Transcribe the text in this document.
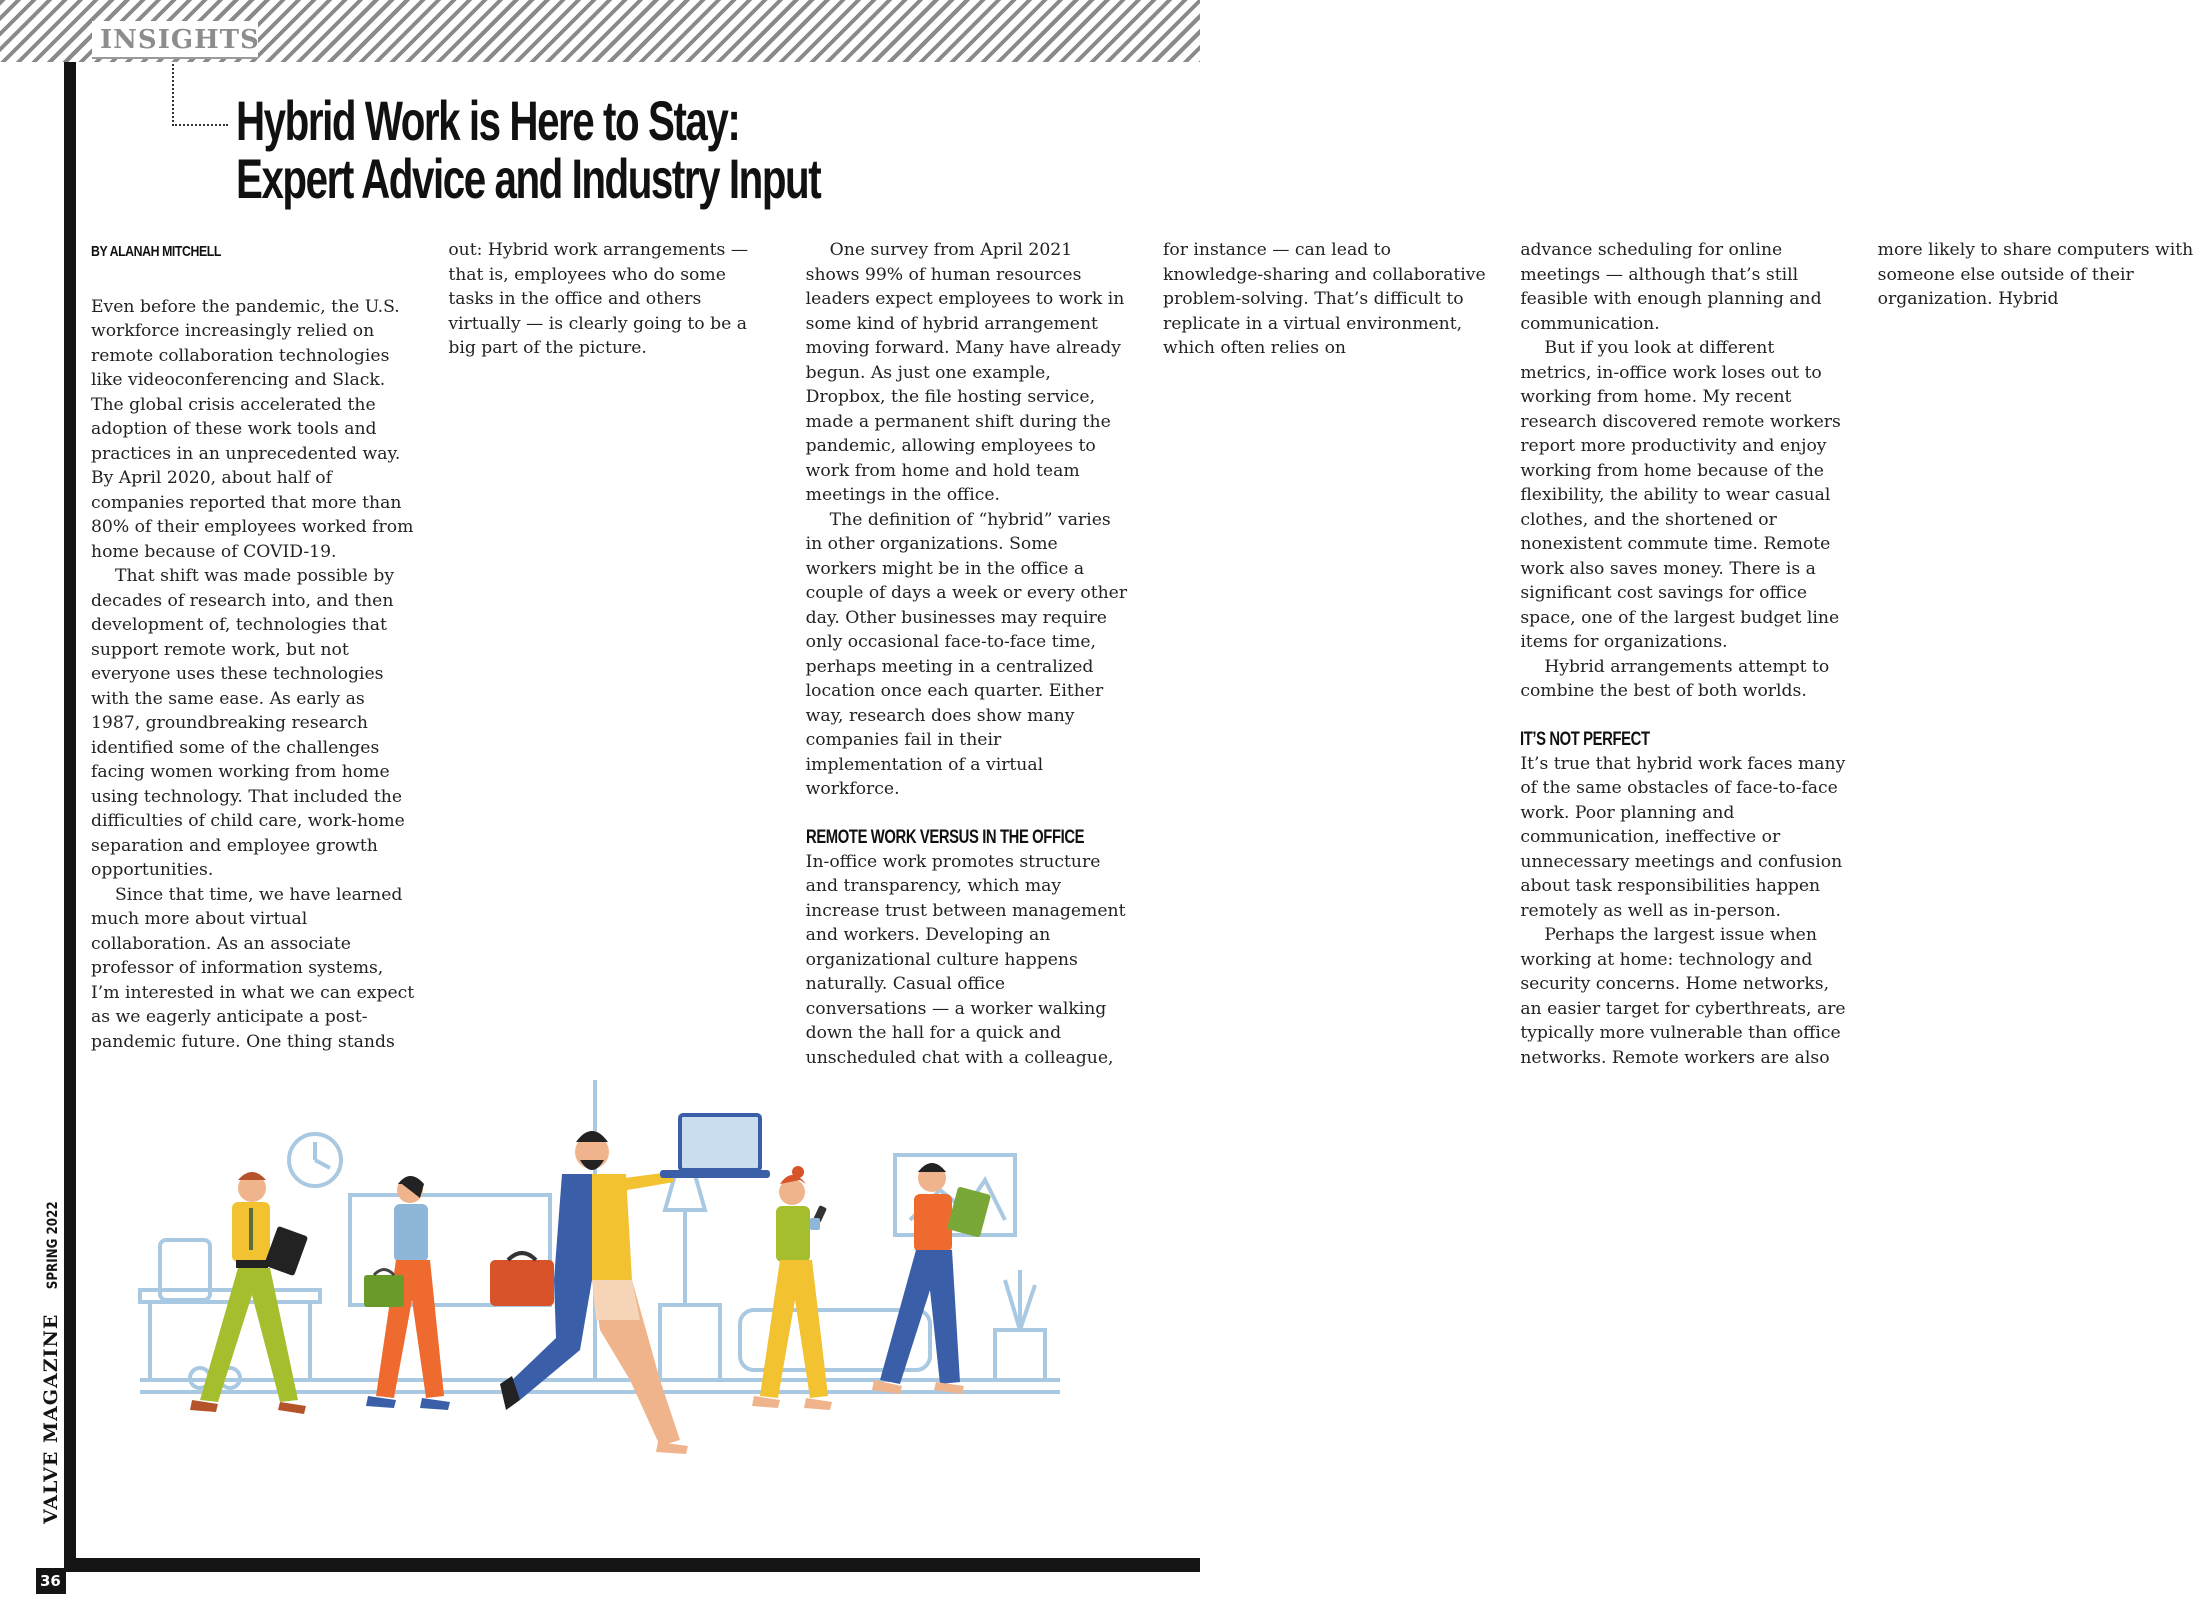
INSIGHTS
36
VALVE MAGAZINE SPRING 2022
Hybrid Work is Here to Stay:
Expert Advice and Industry Input
BY ALANAH MITCHELL

Even before the pandemic, the U.S. workforce increasingly relied on remote collaboration technologies like videoconferencing and Slack. The global crisis accelerated the adoption of these work tools and practices in an unprecedented way. By April 2020, about half of companies reported that more than 80% of their employees worked from home because of COVID-19.

That shift was made possible by decades of research into, and then development of, technologies that support remote work, but not everyone uses these technologies with the same ease. As early as 1987, groundbreaking research identified some of the challenges facing women working from home using technology. That included the difficulties of child care, work-home separation and employee growth opportunities.

Since that time, we have learned much more about virtual collaboration. As an associate professor of information systems, I’m interested in what we can expect as we eagerly anticipate a post-pandemic future. One thing stands out: Hybrid work arrangements — that is, employees who do some tasks in the office and others virtually — is clearly going to be a big part of the picture.

One survey from April 2021 shows 99% of human resources leaders expect employees to work in some kind of hybrid arrangement moving forward. Many have already begun. As just one example, Dropbox, the file hosting service, made a permanent shift during the pandemic, allowing employees to work from home and hold team meetings in the office.

The definition of “hybrid” varies in other organizations. Some workers might be in the office a couple of days a week or every other day. Other businesses may require only occasional face-to-face time, perhaps meeting in a centralized location once each quarter. Either way, research does show many companies fail in their implementation of a virtual workforce.

REMOTE WORK VERSUS IN THE OFFICE

In-office work promotes structure and transparency, which may increase trust between management and workers. Developing an organizational culture happens naturally. Casual office conversations — a worker walking down the hall for a quick and unscheduled chat with a colleague, for instance — can lead to knowledge-sharing and collaborative problem-solving. That’s difficult to replicate in a virtual environment, which often relies on

advance scheduling for online meetings — although that’s still feasible with enough planning and communication.

But if you look at different metrics, in-office work loses out to working from home. My recent research discovered remote workers report more productivity and enjoy working from home because of the flexibility, the ability to wear casual clothes, and the shortened or nonexistent commute time. Remote work also saves money. There is a significant cost savings for office space, one of the largest budget line items for organizations.

Hybrid arrangements attempt to combine the best of both worlds.

IT’S NOT PERFECT

It’s true that hybrid work faces many of the same obstacles of face-to-face work. Poor planning and communication, ineffective or unnecessary meetings and confusion about task responsibilities happen remotely as well as in-person.

Perhaps the largest issue when working at home: technology and security concerns. Home networks, an easier target for cyberthreats, are typically more vulnerable than office networks. Remote workers are also more likely to share computers with someone else outside of their organization. Hybrid
